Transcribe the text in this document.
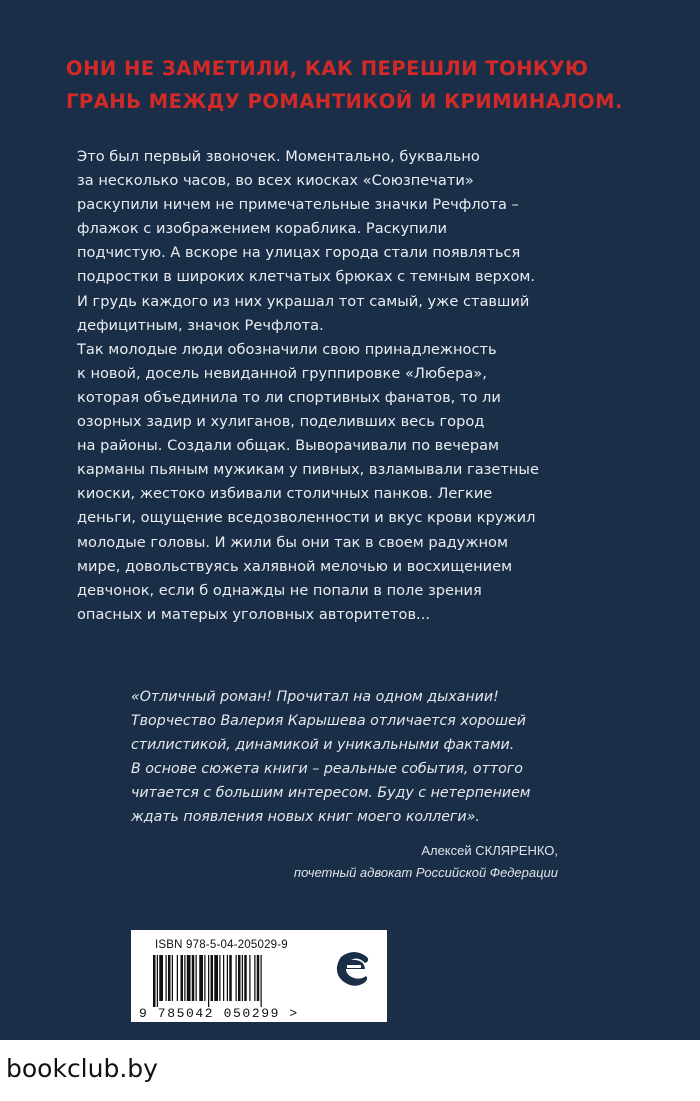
ОНИ НЕ ЗАМЕТИЛИ, КАК ПЕРЕШЛИ ТОНКУЮ
ГРАНЬ МЕЖДУ РОМАНТИКОЙ И КРИМИНАЛОМ.
Это был первый звоночек. Моментально, буквально
за несколько часов, во всех киосках «Союзпечати»
раскупили ничем не примечательные значки Речфлота –
флажок с изображением кораблика. Раскупили
подчистую. А вскоре на улицах города стали появляться
подростки в широких клетчатых брюках с темным верхом.
И грудь каждого из них украшал тот самый, уже ставший
дефицитным, значок Речфлота.
Так молодые люди обозначили свою принадлежность
к новой, досель невиданной группировке «Люберa»,
которая объединила то ли спортивных фанатов, то ли
озорных задир и хулиганов, поделивших весь город
на районы. Создали общак. Выворачивали по вечерам
карманы пьяным мужикам у пивных, взламывали газетные
киоски, жестоко избивали столичных панков. Легкие
деньги, ощущение вседозволенности и вкус крови кружил
молодые головы. И жили бы они так в своем радужном
мире, довольствуясь халявной мелочью и восхищением
девчонок, если б однажды не попали в поле зрения
опасных и матерых уголовных авторитетов...
«Отличный роман! Прочитал на одном дыхании!
Творчество Валерия Карышева отличается хорошей
стилистикой, динамикой и уникальными фактами.
В основе сюжета книги – реальные события, оттого
читается с большим интересом. Буду с нетерпением
ждать появления новых книг моего коллеги».
Алексей СКЛЯРЕНКО,
почетный адвокат Российской Федерации
ISBN 978-5-04-205029-9
9 785042 050299 >	ЭКСМО
bookclub.by
